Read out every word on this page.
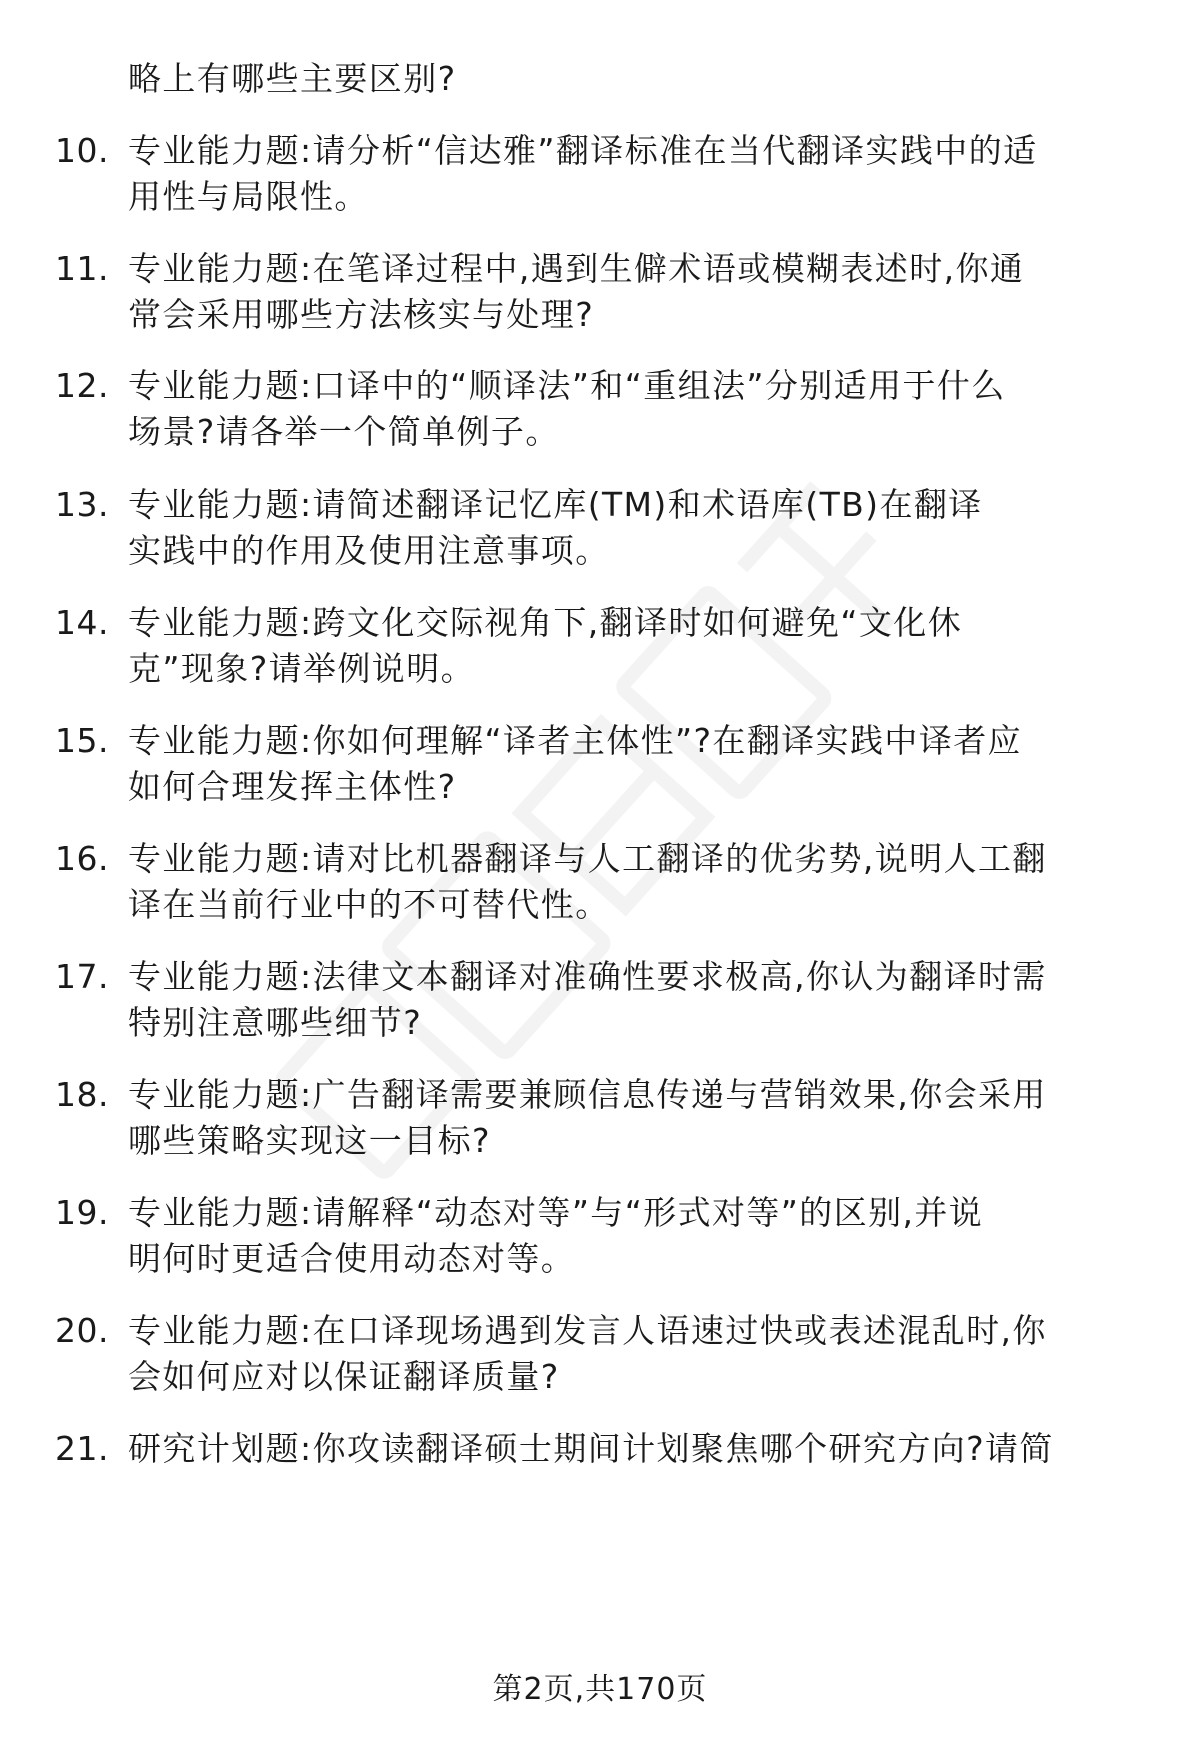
略上有哪些主要区别?
10. 专业能力题:请分析“信达雅”翻译标准在当代翻译实践中的适
用性与局限性。
11. 专业能力题:在笔译过程中,遇到生僻术语或模糊表述时,你通
常会采用哪些方法核实与处理?
12. 专业能力题:口译中的“顺译法”和“重组法”分别适用于什么
场景?请各举一个简单例子。
13. 专业能力题:请简述翻译记忆库(TM)和术语库(TB)在翻译
实践中的作用及使用注意事项。
14. 专业能力题:跨文化交际视角下,翻译时如何避免“文化休
克”现象?请举例说明。
15. 专业能力题:你如何理解“译者主体性”?在翻译实践中译者应
如何合理发挥主体性?
16. 专业能力题:请对比机器翻译与人工翻译的优劣势,说明人工翻
译在当前行业中的不可替代性。
17. 专业能力题:法律文本翻译对准确性要求极高,你认为翻译时需
特别注意哪些细节?
18. 专业能力题:广告翻译需要兼顾信息传递与营销效果,你会采用
哪些策略实现这一目标?
19. 专业能力题:请解释“动态对等”与“形式对等”的区别,并说
明何时更适合使用动态对等。
20. 专业能力题:在口译现场遇到发言人语速过快或表述混乱时,你
会如何应对以保证翻译质量?
21. 研究计划题:你攻读翻译硕士期间计划聚焦哪个研究方向?请简
第2页,共170页
